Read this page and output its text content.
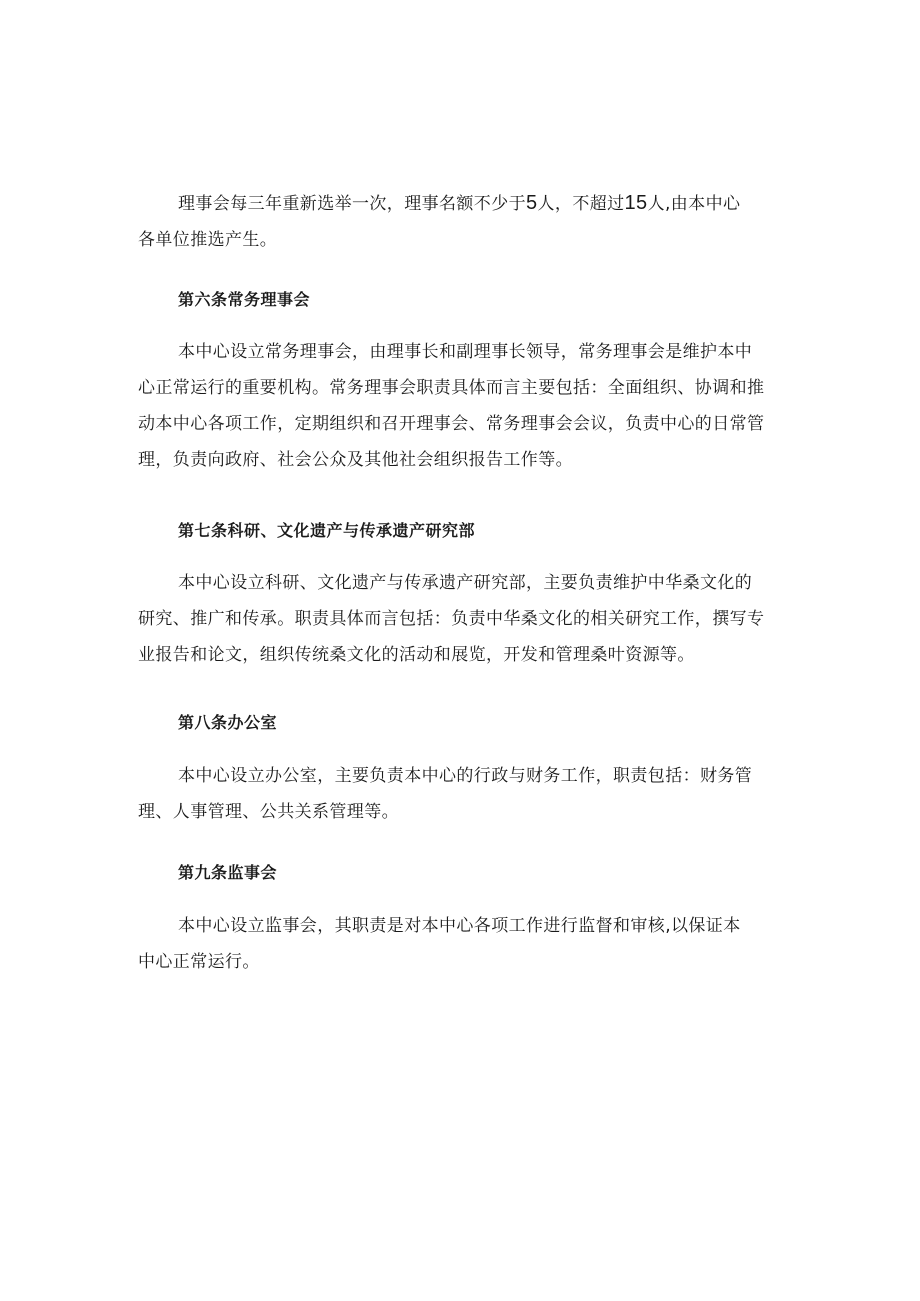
理事会每三年重新选举一次，理事名额不少于5人，不超过15人,由本中心
各单位推选产生。

第六条常务理事会

本中心设立常务理事会，由理事长和副理事长领导，常务理事会是维护本中
心正常运行的重要机构。常务理事会职责具体而言主要包括：全面组织、协调和推
动本中心各项工作，定期组织和召开理事会、常务理事会会议，负责中心的日常管
理，负责向政府、社会公众及其他社会组织报告工作等。

第七条科研、文化遗产与传承遗产研究部

本中心设立科研、文化遗产与传承遗产研究部，主要负责维护中华桑文化的
研究、推广和传承。职责具体而言包括：负责中华桑文化的相关研究工作，撰写专
业报告和论文，组织传统桑文化的活动和展览，开发和管理桑叶资源等。

第八条办公室

本中心设立办公室，主要负责本中心的行政与财务工作，职责包括：财务管
理、人事管理、公共关系管理等。

第九条监事会

本中心设立监事会，其职责是对本中心各项工作进行监督和审核,以保证本
中心正常运行。
